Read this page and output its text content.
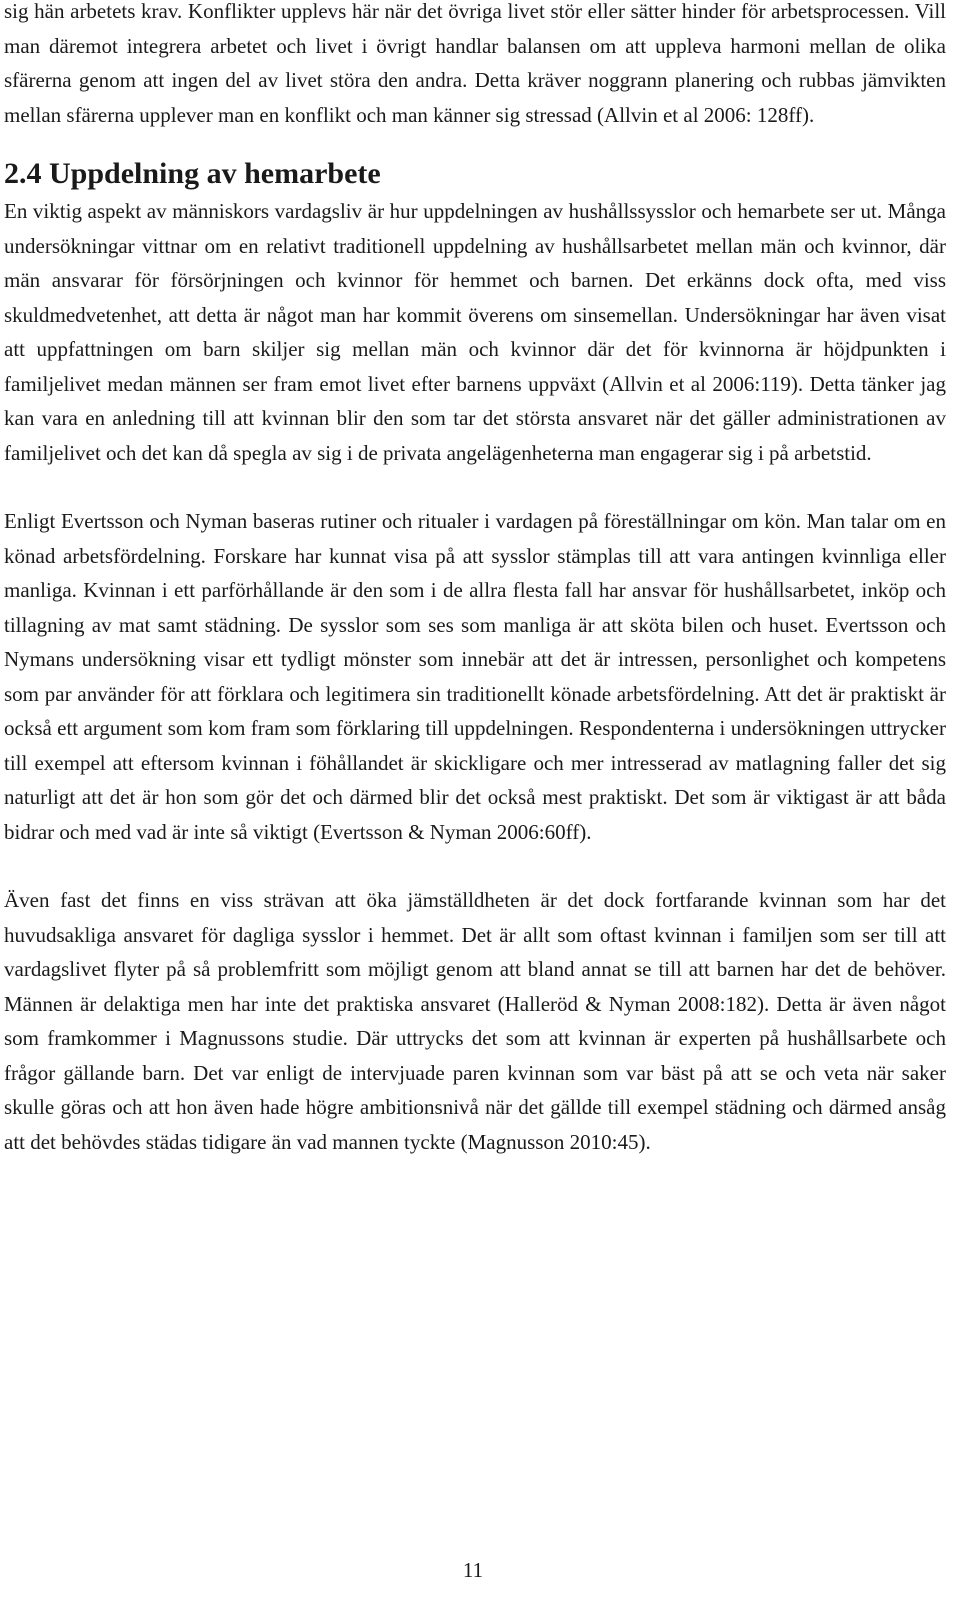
sig hän arbetets krav. Konflikter upplevs här när det övriga livet stör eller sätter hinder för arbetsprocessen. Vill man däremot integrera arbetet och livet i övrigt handlar balansen om att uppleva harmoni mellan de olika sfärerna genom att ingen del av livet störa den andra. Detta kräver noggrann planering och rubbas jämvikten mellan sfärerna upplever man en konflikt och man känner sig stressad (Allvin et al 2006: 128ff).

2.4 Uppdelning av hemarbete

En viktig aspekt av människors vardagsliv är hur uppdelningen av hushållssysslor och hemarbete ser ut. Många undersökningar vittnar om en relativt traditionell uppdelning av hushållsarbetet mellan män och kvinnor, där män ansvarar för försörjningen och kvinnor för hemmet och barnen. Det erkänns dock ofta, med viss skuldmedvetenhet, att detta är något man har kommit överens om sinsemellan. Undersökningar har även visat att uppfattningen om barn skiljer sig mellan män och kvinnor där det för kvinnorna är höjdpunkten i familjelivet medan männen ser fram emot livet efter barnens uppväxt (Allvin et al 2006:119). Detta tänker jag kan vara en anledning till att kvinnan blir den som tar det största ansvaret när det gäller administrationen av familjelivet och det kan då spegla av sig i de privata angelägenheterna man engagerar sig i på arbetstid.

Enligt Evertsson och Nyman baseras rutiner och ritualer i vardagen på föreställningar om kön. Man talar om en könad arbetsfördelning. Forskare har kunnat visa på att sysslor stämplas till att vara antingen kvinnliga eller manliga. Kvinnan i ett parförhållande är den som i de allra flesta fall har ansvar för hushållsarbetet, inköp och tillagning av mat samt städning. De sysslor som ses som manliga är att sköta bilen och huset. Evertsson och Nymans undersökning visar ett tydligt mönster som innebär att det är intressen, personlighet och kompetens som par använder för att förklara och legitimera sin traditionellt könade arbetsfördelning. Att det är praktiskt är också ett argument som kom fram som förklaring till uppdelningen. Respondenterna i undersökningen uttrycker till exempel att eftersom kvinnan i föhållandet är skickligare och mer intresserad av matlagning faller det sig naturligt att det är hon som gör det och därmed blir det också mest praktiskt. Det som är viktigast är att båda bidrar och med vad är inte så viktigt (Evertsson & Nyman 2006:60ff).

Även fast det finns en viss strävan att öka jämställdheten är det dock fortfarande kvinnan som har det huvudsakliga ansvaret för dagliga sysslor i hemmet. Det är allt som oftast kvinnan i familjen som ser till att vardagslivet flyter på så problemfritt som möjligt genom att bland annat se till att barnen har det de behöver. Männen är delaktiga men har inte det praktiska ansvaret (Halleröd & Nyman 2008:182). Detta är även något som framkommer i Magnussons studie. Där uttrycks det som att kvinnan är experten på hushållsarbete och frågor gällande barn. Det var enligt de intervjuade paren kvinnan som var bäst på att se och veta när saker skulle göras och att hon även hade högre ambitionsnivå när det gällde till exempel städning och därmed ansåg att det behövdes städas tidigare än vad mannen tyckte (Magnusson 2010:45).

11
